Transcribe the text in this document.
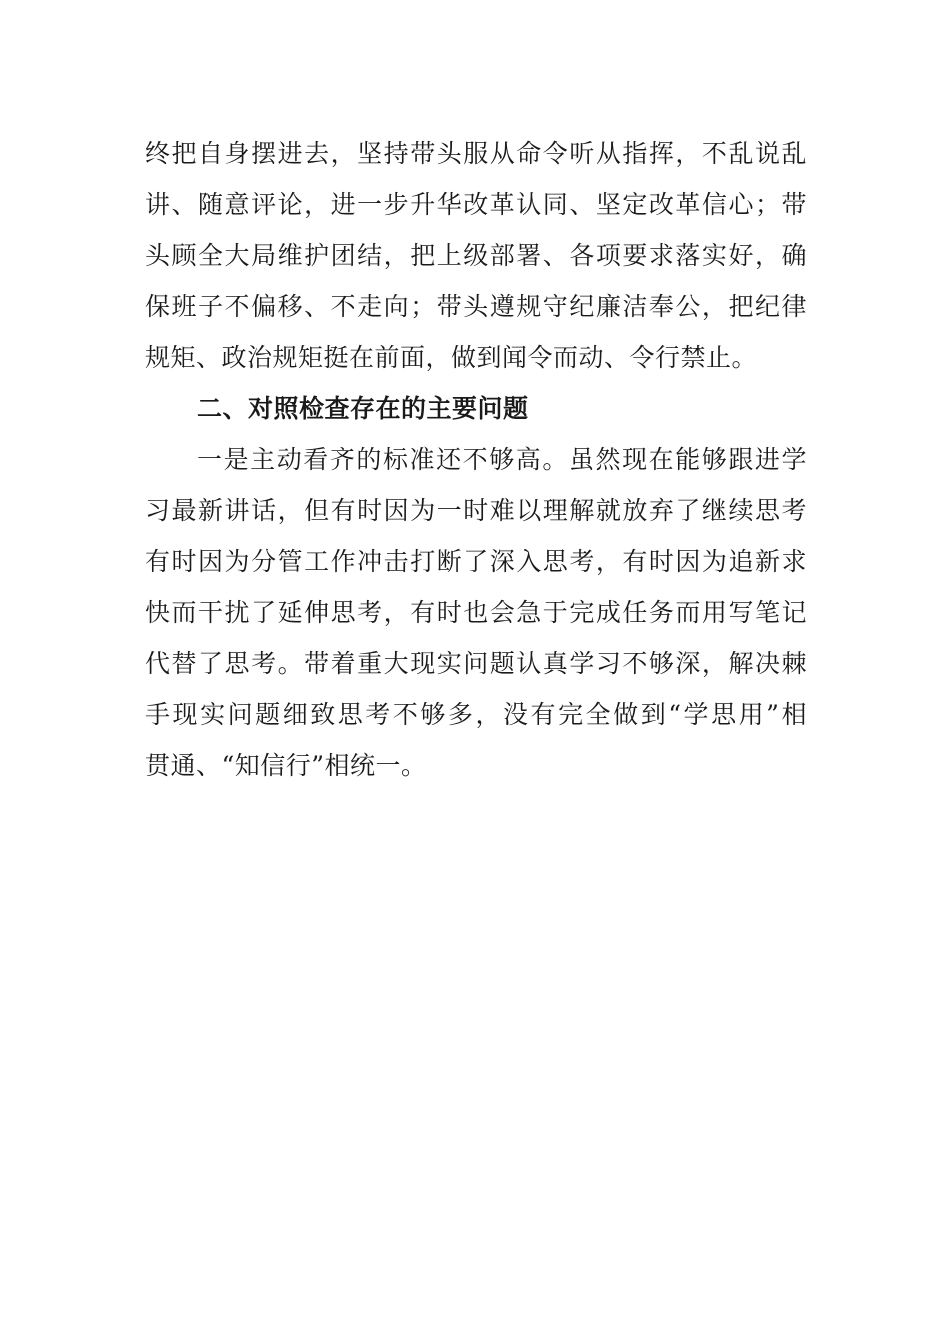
终把自身摆进去，坚持带头服从命令听从指挥，不乱说乱
讲、随意评论，进一步升华改革认同、坚定改革信心；带
头顾全大局维护团结，把上级部署、各项要求落实好，确
保班子不偏移、不走向；带头遵规守纪廉洁奉公，把纪律
规矩、政治规矩挺在前面，做到闻令而动、令行禁止。
二、对照检查存在的主要问题
一是主动看齐的标准还不够高。虽然现在能够跟进学
习最新讲话，但有时因为一时难以理解就放弃了继续思考
有时因为分管工作冲击打断了深入思考，有时因为追新求
快而干扰了延伸思考，有时也会急于完成任务而用写笔记
代替了思考。带着重大现实问题认真学习不够深，解决棘
手现实问题细致思考不够多，没有完全做到“学思用”相
贯通、“知信行”相统一。
